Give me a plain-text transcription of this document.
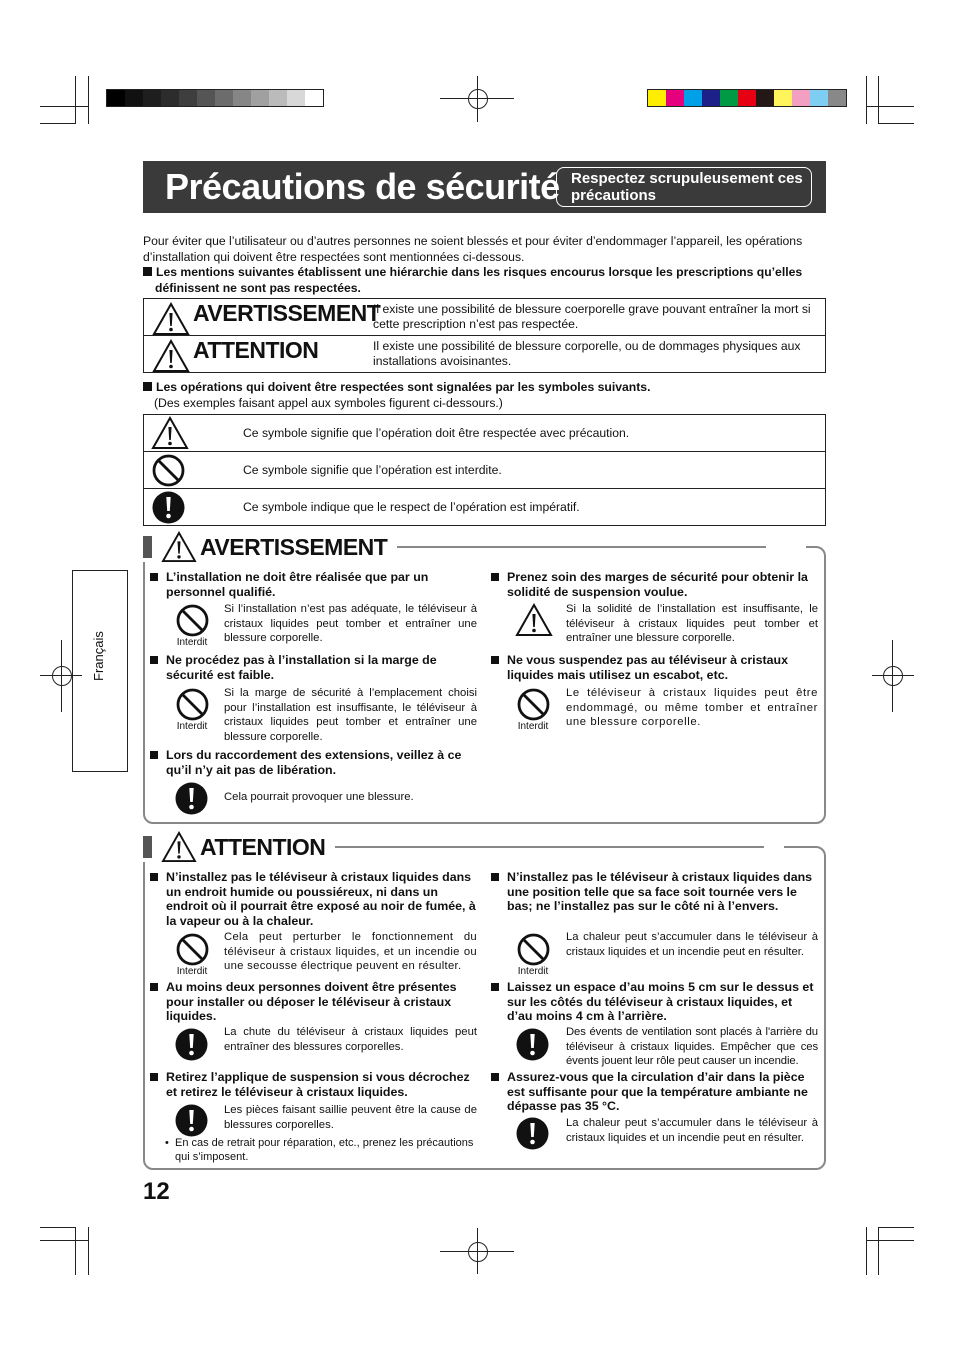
Précautions de sécurité Respectez scrupuleusement ces précautions

Pour éviter que l’utilisateur ou d’autres personnes ne soient blessés et pour éviter d’endommager l’appareil, les opérations d’installation qui doivent être respectées sont mentionnées ci-dessous.

Les mentions suivantes établissent une hiérarchie dans les risques encourus lorsque les prescriptions qu’elles définissent ne sont pas respectées.

AVERTISSEMENT	Il existe une possibilité de blessure coerporelle grave pouvant entraîner la mort si cette prescription n’est pas respectée.

ATTENTION	Il existe une possibilité de blessure corporelle, ou de dommages physiques aux installations avoisinantes.

Les opérations qui doivent être respectées sont signalées par les symboles suivants.

(Des exemples faisant appel aux symboles figurent ci-dessours.)

	Ce symbole signifie que l’opération doit être respectée avec précaution.

	Ce symbole signifie que l’opération est interdite.

	Ce symbole indique que le respect de l’opération est impératif.
Français
AVERTISSEMENT
L’installation ne doit être réalisée que par un personnel qualifié.
Interdit
Si l’installation n’est pas adéquate, le téléviseur à cristaux liquides peut tomber et entraîner une blessure corporelle.
Ne procédez pas à l’installation si la marge de sécurité est faible.
Interdit
Si la marge de sécurité à l’emplacement choisi pour l’installation est insuffisante, le téléviseur à cristaux liquides peut tomber et entraîner une blessure corporelle.
Lors du raccordement des extensions, veillez à ce qu’il n’y ait pas de libération.
Cela pourrait provoquer une blessure.
Prenez soin des marges de sécurité pour obtenir la solidité de suspension voulue.
Si la solidité de l’installation est insuffisante, le téléviseur à cristaux liquides peut tomber et entraîner une blessure corporelle.
Ne vous suspendez pas au téléviseur à cristaux liquides mais utilisez un escabot, etc.
Interdit
Le téléviseur à cristaux liquides peut être endommagé, ou même tomber et entraîner une blessure corporelle.
ATTENTION
N’installez pas le téléviseur à cristaux liquides dans un endroit humide ou poussiéreux, ni dans un endroit où il pourrait être exposé au noir de fumée, à la vapeur ou à la chaleur.
Interdit
Cela peut perturber le fonctionnement du téléviseur à cristaux liquides, et un incendie ou une secousse électrique peuvent en résulter.
Au moins deux personnes doivent être présentes pour installer ou déposer le téléviseur à cristaux liquides.
La chute du téléviseur à cristaux liquides peut entraîner des blessures corporelles.
Retirez l’applique de suspension si vous décrochez et retirez le téléviseur à cristaux liquides.
Les pièces faisant saillie peuvent être la cause de blessures corporelles.
• En cas de retrait pour réparation, etc., prenez les précautions qui s’imposent.
N’installez pas le téléviseur à cristaux liquides dans une position telle que sa face soit tournée vers le bas; ne l’installez pas sur le côté ni à l’envers.
Interdit
La chaleur peut s’accumuler dans le téléviseur à cristaux liquides et un incendie peut en résulter.
Laissez un espace d’au moins 5 cm sur le dessus et sur les côtés du téléviseur à cristaux liquides, et d’au moins 4 cm à l’arrière.
Des évents de ventilation sont placés à l'arrière du téléviseur à cristaux liquides. Empêcher que ces évents jouent leur rôle peut causer un incendie.
Assurez-vous que la circulation d’air dans la pièce est suffisante pour que la température ambiante ne dépasse pas 35 °C.
La chaleur peut s’accumuler dans le téléviseur à cristaux liquides et un incendie peut en résulter.
12
